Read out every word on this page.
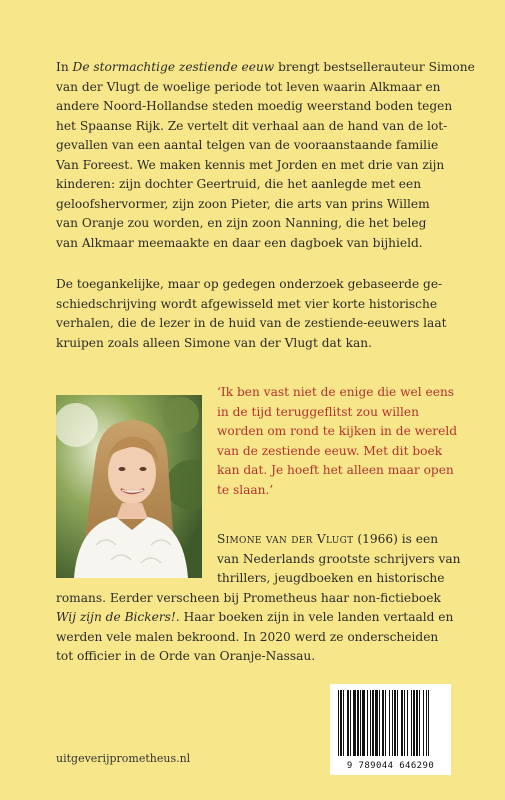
In De stormachtige zestiende eeuw brengt bestsellerauteur Simone
van der Vlugt de woelige periode tot leven waarin Alkmaar en
andere Noord-Hollandse steden moedig weerstand boden tegen
het Spaanse Rijk. Ze vertelt dit verhaal aan de hand van de lot-
gevallen van een aantal telgen van de vooraanstaande familie
Van Foreest. We maken kennis met Jorden en met drie van zijn
kinderen: zijn dochter Geertruid, die het aanlegde met een
geloofshervormer, zijn zoon Pieter, die arts van prins Willem
van Oranje zou worden, en zijn zoon Nanning, die het beleg
van Alkmaar meemaakte en daar een dagboek van bijhield.

De toegankelijke, maar op gedegen onderzoek gebaseerde ge-
schiedschrijving wordt afgewisseld met vier korte historische
verhalen, die de lezer in de huid van de zestiende-eeuwers laat
kruipen zoals alleen Simone van der Vlugt dat kan.

‘Ik ben vast niet de enige die wel eens
in de tijd teruggeflitst zou willen
worden om rond te kijken in de wereld
van de zestiende eeuw. Met dit boek
kan dat. Je hoeft het alleen maar open
te slaan.’

Simone van der Vlugt (1966) is een
van Nederlands grootste schrijvers van
thrillers, jeugdboeken en historische
romans. Eerder verscheen bij Prometheus haar non-fictieboek
Wij zijn de Bickers!. Haar boeken zijn in vele landen vertaald en
werden vele malen bekroond. In 2020 werd ze onderscheiden
tot officier in de Orde van Oranje-Nassau.

9 789044 646290
uitgeverijprometheus.nl
